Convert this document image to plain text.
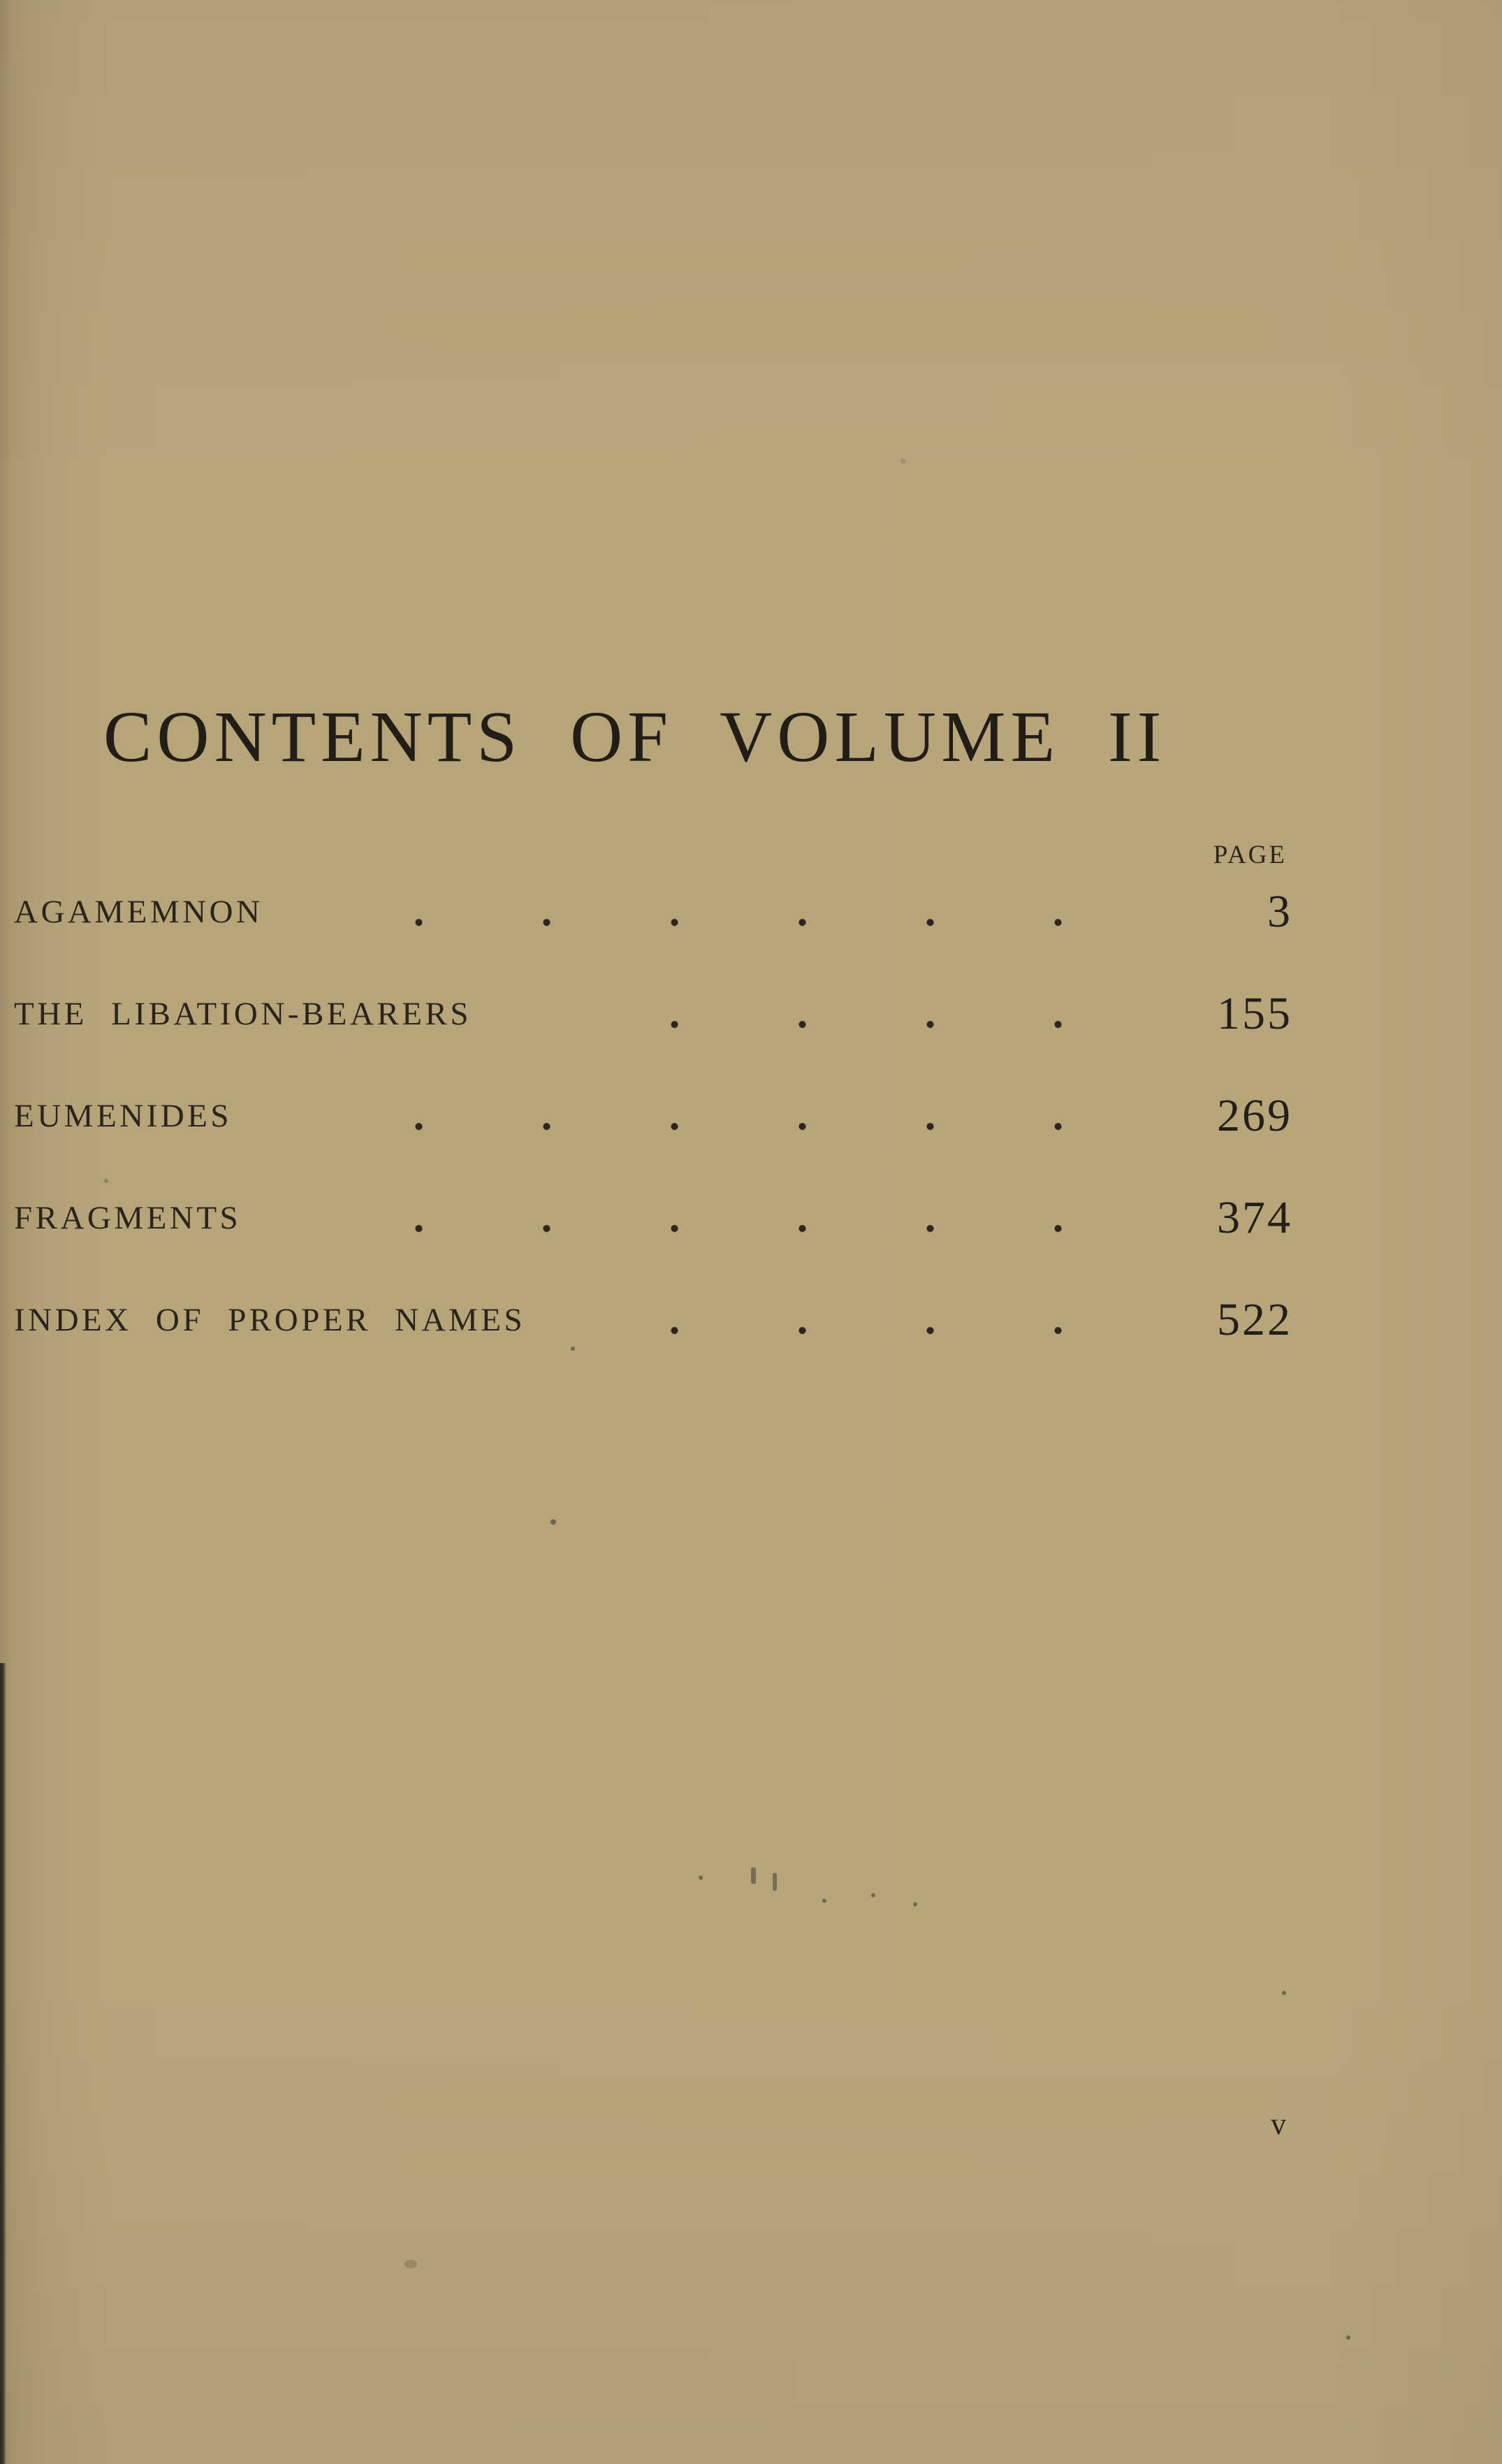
CONTENTS OF VOLUME II
PAGE
AGAMEMNON	3
THE LIBATION-BEARERS	155
EUMENIDES	269
FRAGMENTS	374
INDEX OF PROPER NAMES	522
v
